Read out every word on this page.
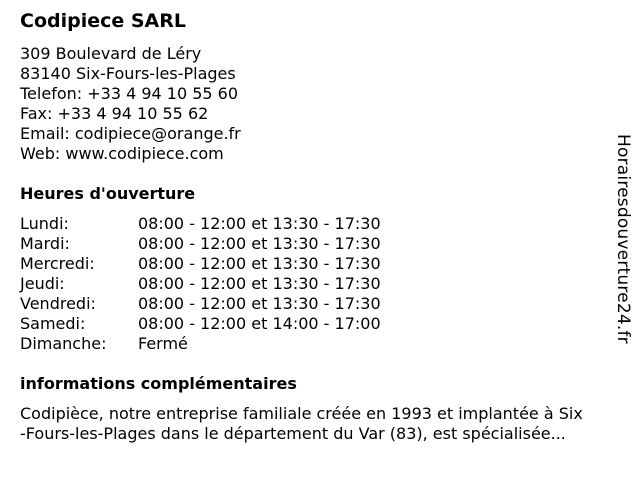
Codipiece SARL
309 Boulevard de Léry
83140 Six-Fours-les-Plages
Telefon: +33 4 94 10 55 60
Fax: +33 4 94 10 55 62
Email: codipiece@orange.fr
Web: www.codipiece.com
Heures d'ouverture
Lundi:	08:00 - 12:00 et 13:30 - 17:30
Mardi:	08:00 - 12:00 et 13:30 - 17:30
Mercredi:	08:00 - 12:00 et 13:30 - 17:30
Jeudi:	08:00 - 12:00 et 13:30 - 17:30
Vendredi:	08:00 - 12:00 et 13:30 - 17:30
Samedi:	08:00 - 12:00 et 14:00 - 17:00
Dimanche: Fermé
informations complémentaires
Codipièce, notre entreprise familiale créée en 1993 et implantée à Six
-Fours-les-Plages dans le département du Var (83), est spécialisée...
Horairesdouverture24.fr
